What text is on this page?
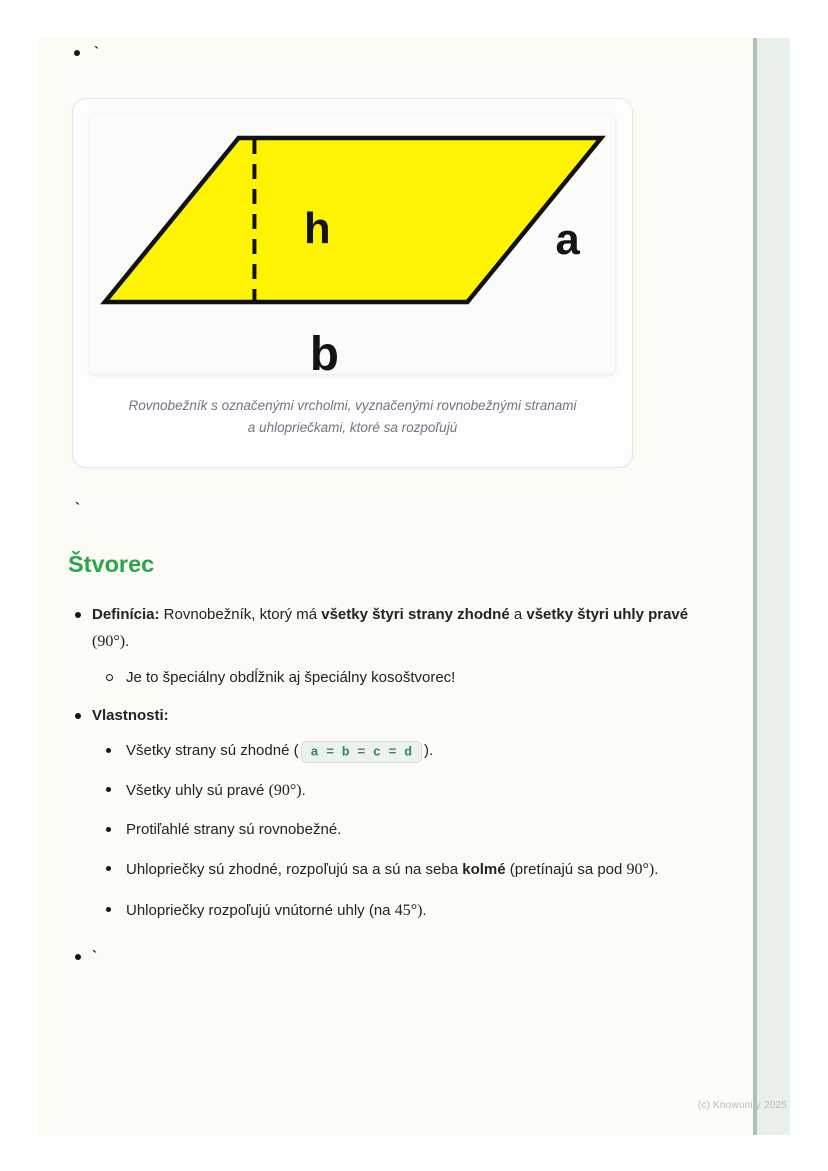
`
h	a
b
Rovnobežník s označenými vrcholmi, vyznačenými rovnobežnými stranami a uhlopriečkami, ktoré sa rozpoľujú
`
Štvorec
Definícia: Rovnobežník, ktorý má všetky štyri strany zhodné a všetky štyri uhly pravé (90°).
Je to špeciálny obdĺžnik aj špeciálny kosoštvorec!
Vlastnosti:
Všetky strany sú zhodné ( a = b = c = d ).
Všetky uhly sú pravé (90°).
Protiľahlé strany sú rovnobežné.
Uhlopriečky sú zhodné, rozpoľujú sa a sú na seba kolmé (pretínajú sa pod 90°).
Uhlopriečky rozpoľujú vnútorné uhly (na 45°).
`
(c) Knowunity 2025
